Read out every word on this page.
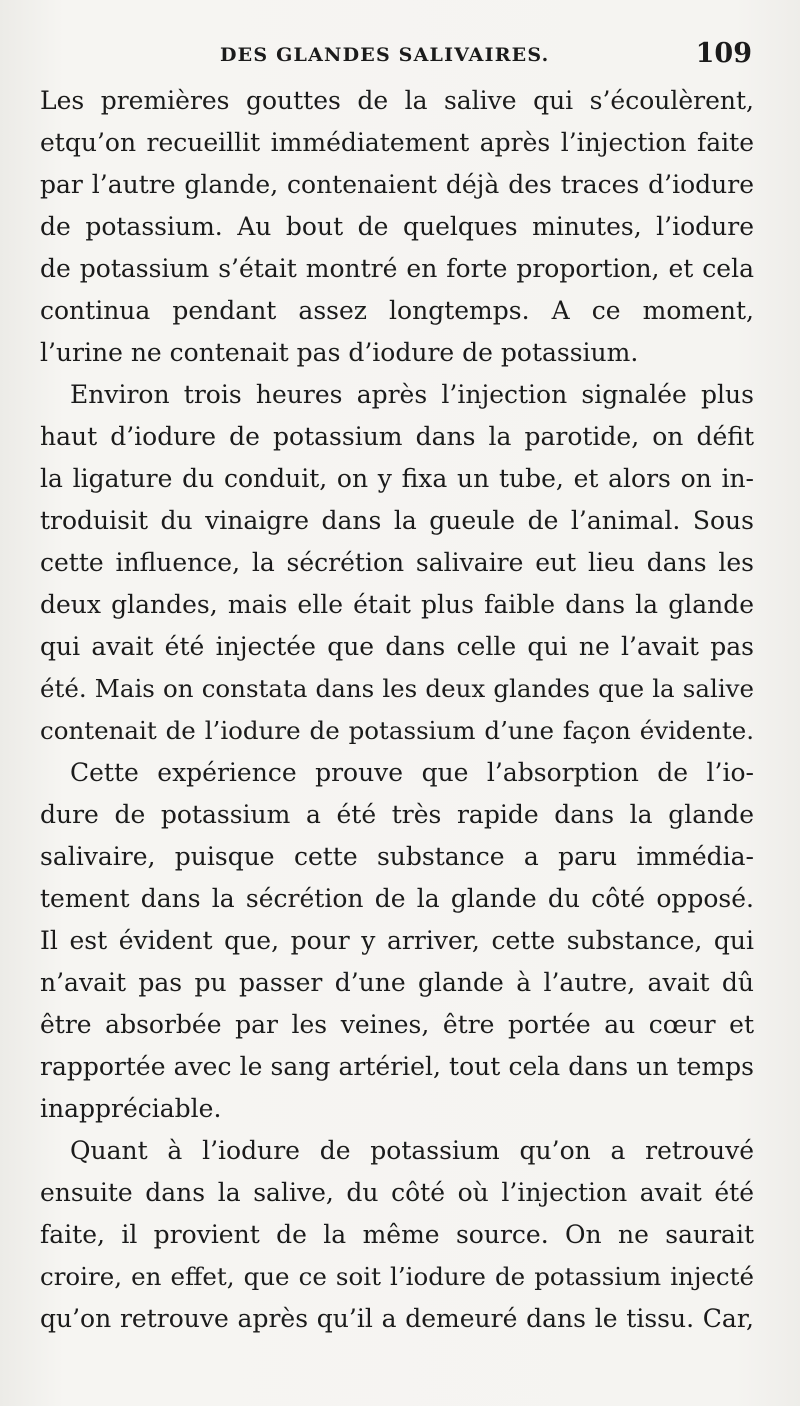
DES GLANDES SALIVAIRES.	109
Les premières gouttes de la salive qui s’écoulèrent,
etqu’on recueillit immédiatement après l’injection faite
par l’autre glande, contenaient déjà des traces d’iodure
de potassium. Au bout de quelques minutes, l’iodure
de potassium s’était montré en forte proportion, et cela
continua pendant assez longtemps. A ce moment,
l’urine ne contenait pas d’iodure de potassium.
Environ trois heures après l’injection signalée plus
haut d’iodure de potassium dans la parotide, on défit
la ligature du conduit, on y fixa un tube, et alors on in-
troduisit du vinaigre dans la gueule de l’animal. Sous
cette influence, la sécrétion salivaire eut lieu dans les
deux glandes, mais elle était plus faible dans la glande
qui avait été injectée que dans celle qui ne l’avait pas
été. Mais on constata dans les deux glandes que la salive
contenait de l’iodure de potassium d’une façon évidente.
Cette expérience prouve que l’absorption de l’io-
dure de potassium a été très rapide dans la glande
salivaire, puisque cette substance a paru immédia-
tement dans la sécrétion de la glande du côté opposé.
Il est évident que, pour y arriver, cette substance, qui
n’avait pas pu passer d’une glande à l’autre, avait dû
être absorbée par les veines, être portée au cœur et
rapportée avec le sang artériel, tout cela dans un temps
inappréciable.
Quant à l’iodure de potassium qu’on a retrouvé
ensuite dans la salive, du côté où l’injection avait été
faite, il provient de la même source. On ne saurait
croire, en effet, que ce soit l’iodure de potassium injecté
qu’on retrouve après qu’il a demeuré dans le tissu. Car,
